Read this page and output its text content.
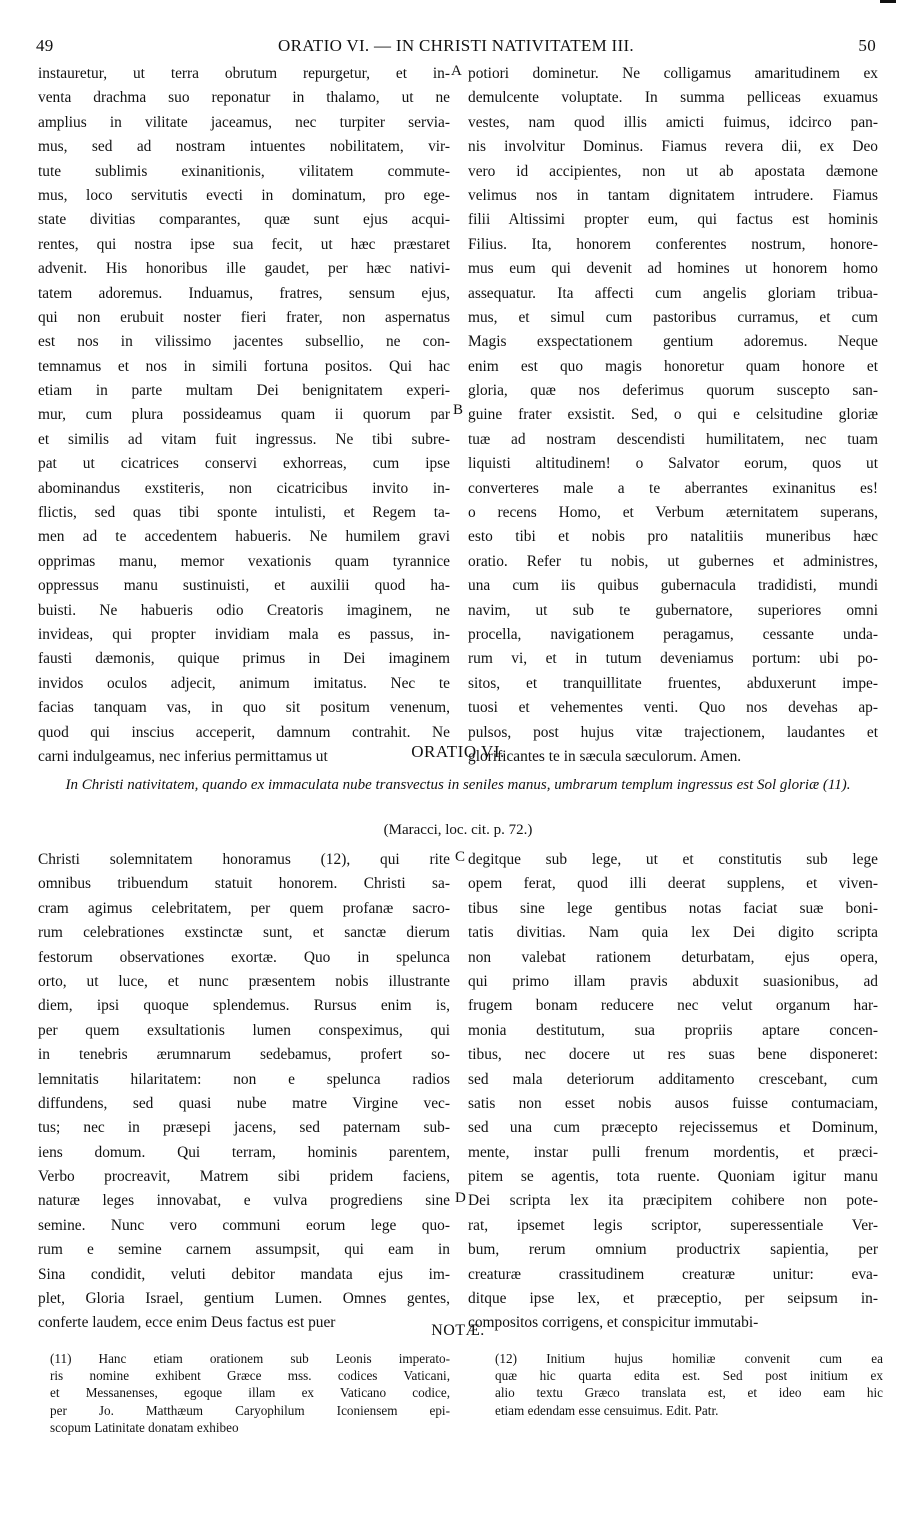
49	ORATIO VI. — IN CHRISTI NATIVITATEM III.	50
instauretur, ut terra obrutum repurgetur, et in-
venta drachma suo reponatur in thalamo, ut ne
amplius in vilitate jaceamus, nec turpiter servia-
mus, sed ad nostram intuentes nobilitatem, vir-
tute sublimis exinanitionis, vilitatem commute-
mus, loco servitutis evecti in dominatum, pro ege-
state divitias comparantes, quæ sunt ejus acqui-
rentes, qui nostra ipse sua fecit, ut hæc præstaret
advenit. His honoribus ille gaudet, per hæc nativi-
tatem adoremus. Induamus, fratres, sensum ejus,
qui non erubuit noster fieri frater, non aspernatus
est nos in vilissimo jacentes subsellio, ne con-
temnamus et nos in simili fortuna positos. Qui hac
etiam in parte multam Dei benignitatem experi-
mur, cum plura possideamus quam ii quorum par
et similis ad vitam fuit ingressus. Ne tibi subre-
pat ut cicatrices conservi exhorreas, cum ipse
abominandus exstiteris, non cicatricibus invito in-
flictis, sed quas tibi sponte intulisti, et Regem ta-
men ad te accedentem habueris. Ne humilem gravi
opprimas manu, memor vexationis quam tyrannice
oppressus manu sustinuisti, et auxilii quod ha-
buisti. Ne habueris odio Creatoris imaginem, ne
invideas, qui propter invidiam mala es passus, in-
fausti dæmonis, quique primus in Dei imaginem
invidos oculos adjecit, animum imitatus. Nec te
facias tanquam vas, in quo sit positum venenum,
quod qui inscius acceperit, damnum contrahit. Ne
carni indulgeamus, nec inferius permittamus ut
potiori dominetur. Ne colligamus amaritudinem ex
demulcente voluptate. In summa pelliceas exuamus
vestes, nam quod illis amicti fuimus, idcirco pan-
nis involvitur Dominus. Fiamus revera dii, ex Deo
vero id accipientes, non ut ab apostata dæmone
velimus nos in tantam dignitatem intrudere. Fiamus
filii Altissimi propter eum, qui factus est hominis
Filius. Ita, honorem conferentes nostrum, honore-
mus eum qui devenit ad homines ut honorem homo
assequatur. Ita affecti cum angelis gloriam tribua-
mus, et simul cum pastoribus curramus, et cum
Magis exspectationem gentium adoremus. Neque
enim est quo magis honoretur quam honore et
gloria, quæ nos deferimus quorum suscepto san-
guine frater exsistit. Sed, o qui e celsitudine gloriæ
tuæ ad nostram descendisti humilitatem, nec tuam
liquisti altitudinem! o Salvator eorum, quos ut
converteres male a te aberrantes exinanitus es!
o recens Homo, et Verbum æternitatem superans,
esto tibi et nobis pro natalitiis muneribus hæc
oratio. Refer tu nobis, ut gubernes et administres,
una cum iis quibus gubernacula tradidisti, mundi
navim, ut sub te gubernatore, superiores omni
procella, navigationem peragamus, cessante unda-
rum vi, et in tutum deveniamus portum: ubi po-
sitos, et tranquillitate fruentes, abduxerunt impe-
tuosi et vehementes venti. Quo nos devehas ap-
pulsos, post hujus vitæ trajectionem, laudantes et
glorificantes te in sæcula sæculorum. Amen.
A
B
C
D
ORATIO VI.
In Christi nativitatem, quando ex immaculata nube transvectus in seniles manus, umbrarum templum ingressus est Sol gloriæ (11).
(Maracci, loc. cit. p. 72.)
Christi solemnitatem honoramus (12), qui rite
omnibus tribuendum statuit honorem. Christi sa-
cram agimus celebritatem, per quem profanæ sacro-
rum celebrationes exstinctæ sunt, et sanctæ dierum
festorum observationes exortæ. Quo in spelunca
orto, ut luce, et nunc præsentem nobis illustrante
diem, ipsi quoque splendemus. Rursus enim is,
per quem exsultationis lumen conspeximus, qui
in tenebris ærumnarum sedebamus, profert so-
lemnitatis hilaritatem: non e spelunca radios
diffundens, sed quasi nube matre Virgine vec-
tus; nec in præsepi jacens, sed paternam sub-
iens domum. Qui terram, hominis parentem,
Verbo procreavit, Matrem sibi pridem faciens,
naturæ leges innovabat, e vulva progrediens sine
semine. Nunc vero communi eorum lege quo-
rum e semine carnem assumpsit, qui eam in
Sina condidit, veluti debitor mandata ejus im-
plet, Gloria Israel, gentium Lumen. Omnes gentes,
conferte laudem, ecce enim Deus factus est puer
degitque sub lege, ut et constitutis sub lege
opem ferat, quod illi deerat supplens, et viven-
tibus sine lege gentibus notas faciat suæ boni-
tatis divitias. Nam quia lex Dei digito scripta
non valebat rationem deturbatam, ejus opera,
qui primo illam pravis abduxit suasionibus, ad
frugem bonam reducere nec velut organum har-
monia destitutum, sua propriis aptare concen-
tibus, nec docere ut res suas bene disponeret:
sed mala deteriorum additamento crescebant, cum
satis non esset nobis ausos fuisse contumaciam,
sed una cum præcepto rejecissemus et Dominum,
mente, instar pulli frenum mordentis, et præci-
pitem se agentis, tota ruente. Quoniam igitur manu
Dei scripta lex ita præcipitem cohibere non pote-
rat, ipsemet legis scriptor, superessentiale Ver-
bum, rerum omnium productrix sapientia, per
creaturæ crassitudinem creaturæ unitur: eva-
ditque ipse lex, et præceptio, per seipsum in-
compositos corrigens, et conspicitur immutabi-
NOTÆ.
(11) Hanc etiam orationem sub Leonis imperato-
ris nomine exhibent Græce mss. codices Vaticani,
et Messanenses, egoque illam ex Vaticano codice,
per Jo. Matthæum Caryophilum Iconiensem epi-
scopum Latinitate donatam exhibeo
(12) Initium hujus homiliæ convenit cum ea
quæ hic quarta edita est. Sed post initium ex
alio textu Græco translata est, et ideo eam hic
etiam edendam esse censuimus. Edit. Patr.
